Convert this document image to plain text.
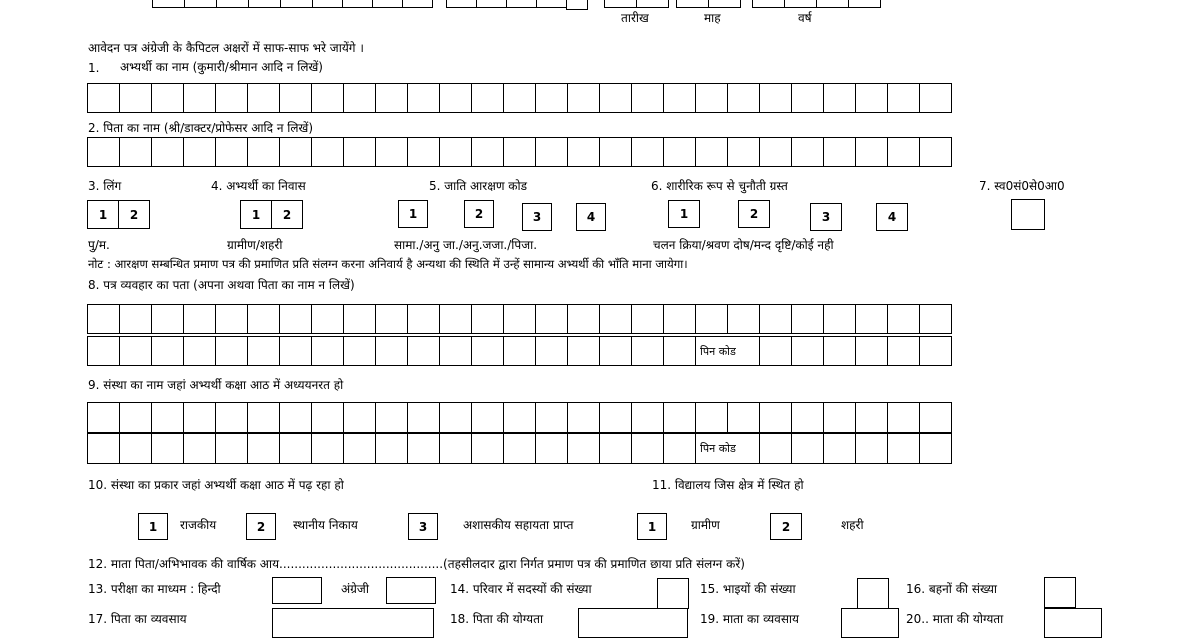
तारीख	माह	वर्ष
आवेदन पत्र अंग्रेजी के कैपिटल अक्षरों में साफ-साफ भरे जायेंगे ।
1. अभ्यर्थी का नाम (कुमारी/श्रीमान आदि न लिखें)
2. पिता का नाम (श्री/डाक्टर/प्रोफेसर आदि न लिखें)
3. लिंग	4. अभ्यर्थी का निवास	5. जाति आरक्षण कोड	6. शारीरिक रूप से चुनौती ग्रस्त	7. स्व0सं0से0आ0
1	2	1	2	1	2	3	4	1	2	3	4
पु/म.	ग्रामीण/शहरी	सामा./अनु जा./अनु.जजा./पिजा.	चलन क्रिया/श्रवण दोष/मन्द दृष्टि/कोई नही
नोट : आरक्षण सम्बन्धित प्रमाण पत्र की प्रमाणित प्रति संलग्न करना अनिवार्य है अन्यथा की स्थिति में उन्हें सामान्य अभ्यर्थी की भाँति माना जायेगा।
8. पत्र व्यवहार का पता (अपना अथवा पिता का नाम न लिखें)
पिन कोड
9. संस्था का नाम जहां अभ्यर्थी कक्षा आठ में अध्ययनरत हो
पिन कोड
10. संस्था का प्रकार जहां अभ्यर्थी कक्षा आठ में पढ़ रहा हो	11. विद्यालय जिस क्षेत्र में स्थित हो
1	राजकीय	2	स्थानीय निकाय	3	अशासकीय सहायता प्राप्त	1	ग्रामीण	2	शहरी
12. माता पिता/अभिभावक की वार्षिक आय...........................................(तहसीलदार द्वारा निर्गत प्रमाण पत्र की प्रमाणित छाया प्रति संलग्न करें)
13. परीक्षा का माध्यम : हिन्दी	अंग्रेजी	14. परिवार में सदस्यों की संख्या	15. भाइयों की संख्या	16. बहनों की संख्या
17. पिता का व्यवसाय	18. पिता की योग्यता	19. माता का व्यवसाय	20.. माता की योग्यता
